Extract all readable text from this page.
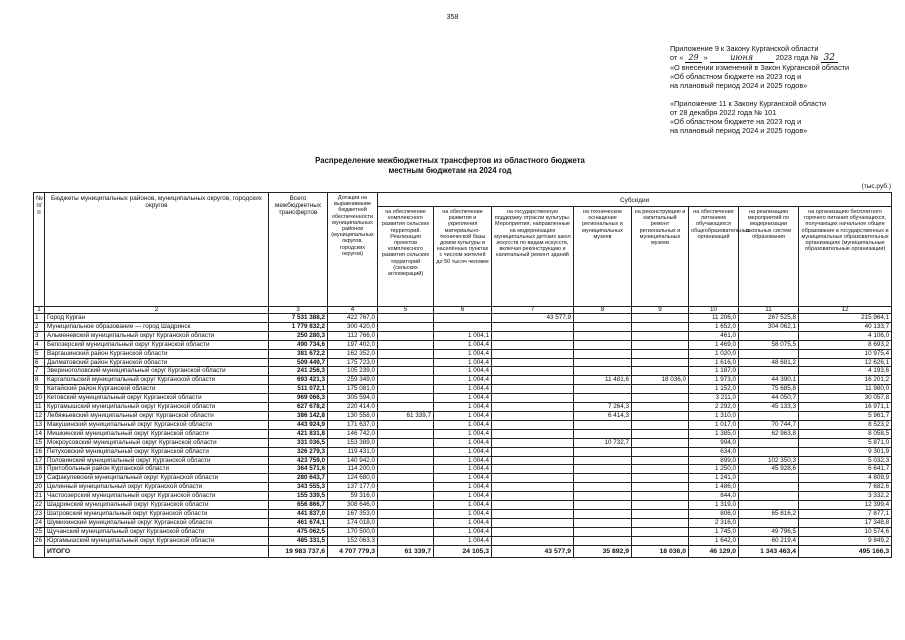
358
Приложение 9 к Закону Курганской области
от « 29 »	июня	2023 года № 32
«О внесении изменений в Закон Курганской области
«Об областном бюджете на 2023 год и
на плановый период 2024 и 2025 годов»
«Приложение 11 к Закону Курганской области
от 28 декабря 2022 года № 101
«Об областном бюджете на 2023 год и
на плановый период 2024 и 2025 годов»
Распределение межбюджетных трансфертов из областного бюджета
местным бюджетам на 2024 год
(тыс.руб.)
№ п/п	Бюджеты муниципальных районов, муниципальных округов, городских округов	Всего межбюджетных трансфертов	Дотации на выравнивание бюджетной обеспеченности муниципальных районов (муниципальных округов, городских округов)	Субсидии							
				на обеспечение комплексного развития сельских территорий. Реализация проектов комплексного развития сельских территорий (сельских агломераций)	на обеспечение развития и укрепления материально-технической базы домов культуры в населённых пунктах с числом жителей до 50 тысяч человек	на государственную поддержку отрасли культуры. Мероприятия, направленные на модернизацию муниципальных детских школ искусств по видам искусств, включая реконструкцию и капитальный ремонт зданий	на техническое оснащение региональных и муниципальных музеев	на реконструкцию и капитальный ремонт региональных и муниципальных музеев	на обеспечение питанием обучающихся общеобразовательных организаций	на реализацию мероприятий по модернизации школьных систем образования	на организацию бесплатного горячего питания обучающихся, получающих начальное общее образование в государственных и муниципальных образовательных организациях (муниципальные образовательные организации)
1	2	3	4	5	6	7	8	9	10	11	12
1	Город Курган	7 531 388,2	422 767,0			43 577,9			11 206,0	267 525,8	215 964,1
2	Муниципальное образование — город Шадринск	1 779 832,2	300 420,0						1 652,0	304 062,1	40 133,7
3	Альменевский муниципальный округ Курганской области	250 280,3	112 766,0		1 004,1				461,0		4 106,0
4	Белозерский муниципальный округ Курганской области	490 734,6	197 402,0		1 004,4				1 469,0	58 075,5	8 693,2
5	Варгашинский район Курганской области	381 672,2	162 352,0		1 004,4				1 020,0		10 975,4
6	Далматовский район Курганской области	509 449,7	175 723,0		1 004,4				1 616,0	48 681,2	12 626,1
7	Звериноголовский муниципальный округ Курганской области	241 256,3	105 239,0		1 004,4				1 187,0		4 193,6
8	Каргапольский муниципальный округ Курганской области	693 421,3	259 349,0		1 004,4		11 481,6	18 036,0	1 973,0	44 390,1	16 201,2
9	Катайский район Курганской области	511 072,1	175 081,0		1 004,4				1 152,0	75 685,8	11 980,0
10	Кетовский муниципальный округ Курганской области	969 066,3	305 594,0		1 004,4				3 211,0	44 050,7	30 057,8
11	Куртамышский муниципальный округ Курганской области	627 678,2	220 414,0		1 004,4		7 264,3		2 292,0	45 133,3	16 971,1
12	Лебяжьевский муниципальный округ Курганской области	386 142,8	130 558,0	61 339,7	1 004,4		6 414,3		1 310,0		5 961,7
13	Макушинский муниципальный округ Курганской области	443 924,9	171 637,0		1 004,4				1 017,0	70 744,7	8 523,2
14	Мишкинский муниципальный округ Курганской области	421 831,8	146 742,0		1 004,4				1 385,0	62 963,8	8 058,5
15	Мокроусовский муниципальный округ Курганской области	331 036,5	153 389,0		1 004,4		10 732,7		994,0		5 871,0
16	Петуховский муниципальный округ Курганской области	326 279,3	119 431,0		1 004,4				634,0		9 301,9
17	Половинский муниципальный округ Курганской области	423 759,0	140 942,0		1 004,4				899,0	102 350,3	5 032,3
18	Притобольный район Курганской области	364 571,6	114 200,0		1 004,4				1 250,0	45 928,6	6 641,7
19	Сафакулевский муниципальный округ Курганской области	280 643,7	124 680,0		1 004,4				1 241,0		4 809,9
20	Целинный муниципальный округ Курганской области	343 555,3	137 177,0		1 004,4				1 486,0		7 682,6
21	Частоозерский муниципальный округ Курганской области	155 339,5	59 316,0		1 004,4				844,0		3 332,2
22	Шадринский муниципальный округ Курганской области	656 866,7	308 646,0		1 004,4				1 319,0		12 399,4
23	Шатровский муниципальный округ Курганской области	441 837,0	167 353,0		1 004,4				806,0	65 816,2	7 877,1
24	Шумихинский муниципальный округ Курганской области	461 674,1	174 018,0		1 004,4				2 316,0		17 348,8
25	Щучанский муниципальный округ Курганской области	475 062,5	170 500,0		1 004,4				1 745,0	49 796,5	10 574,6
26	Юргамышский муниципальный округ Курганской области	485 331,5	152 063,3		1 004,4				1 642,0	60 219,4	9 849,2
	ИТОГО	19 983 737,6	4 707 779,3	61 339,7	24 105,3	43 577,9	35 892,9	18 036,0	46 129,0	1 343 463,4	495 166,3
